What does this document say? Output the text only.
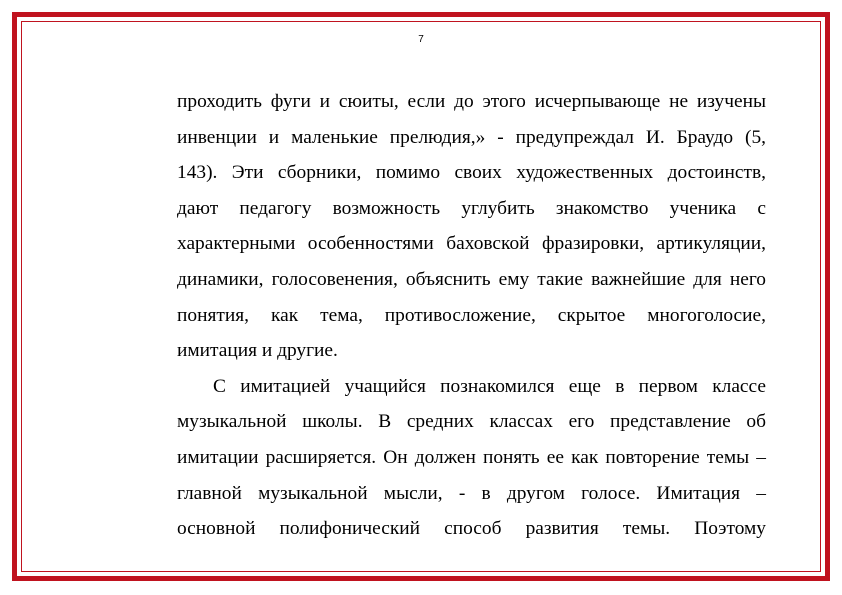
7
проходить фуги и сюиты, если до этого исчерпывающе не изучены
инвенции и маленькие прелюдия,» - предупреждал И. Браудо (5,
143). Эти сборники, помимо своих художественных достоинств,
дают педагогу возможность углубить знакомство ученика с
характерными особенностями баховской фразировки, артикуляции,
динамики, голосовенения, объяснить ему такие важнейшие для него
понятия, как тема, противосложение, скрытое многоголосие,
имитация и другие.
С имитацией учащийся познакомился еще в первом классе
музыкальной школы. В средних классах его представление об
имитации расширяется. Он должен понять ее как повторение темы –
главной музыкальной мысли, - в другом голосе. Имитация –
основной полифонический способ развития темы. Поэтому
